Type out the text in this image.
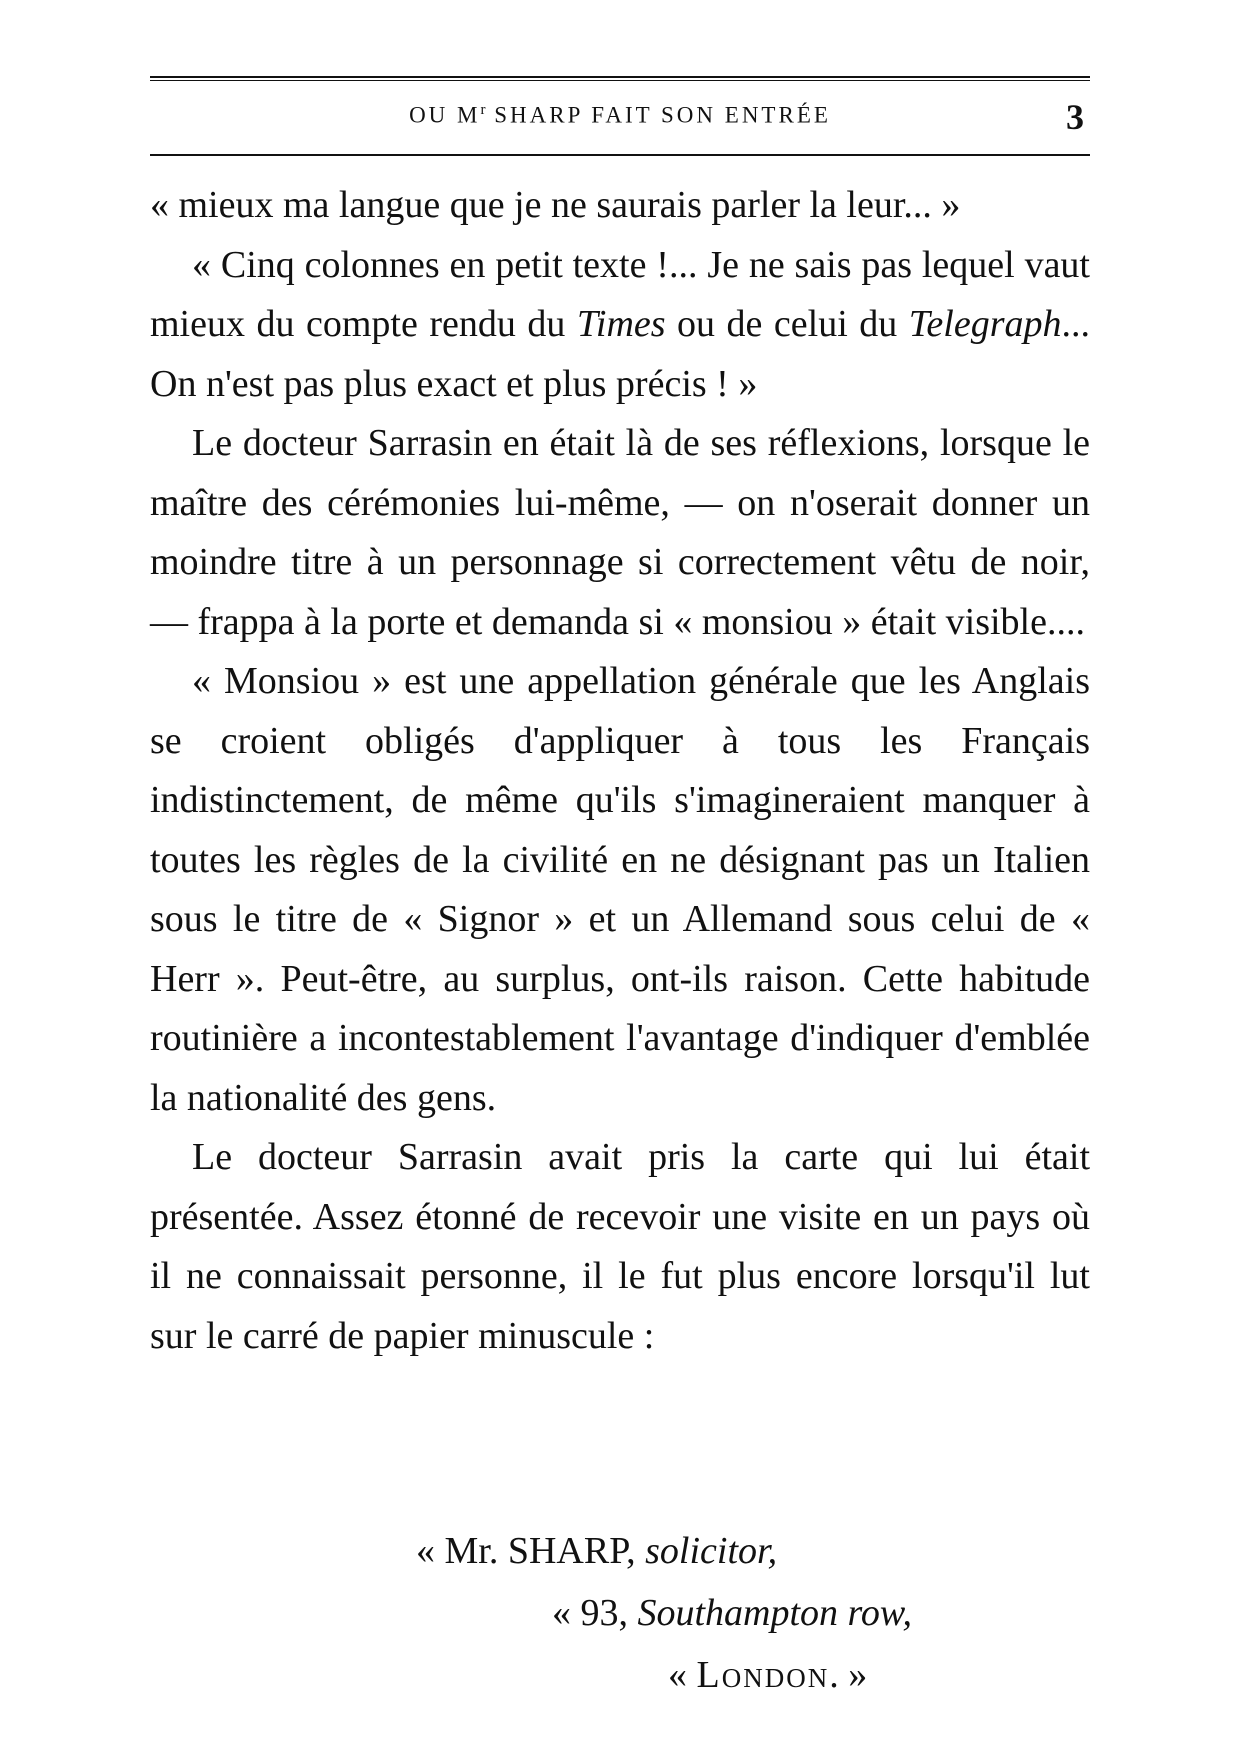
OU $M^r$ SHARP FAIT SON ENTRÉE	3

« mieux ma langue que je ne saurais parler la leur... »

« Cinq colonnes en petit texte !... Je ne sais pas lequel vaut mieux du compte rendu du Times ou de celui du Telegraph... On n'est pas plus exact et plus précis ! »

Le docteur Sarrasin en était là de ses réflexions, lorsque le maître des cérémonies lui-même, — on n'oserait donner un moindre titre à un personnage si correctement vêtu de noir, — frappa à la porte et demanda si « monsiou » était visible....

« Monsiou » est une appellation générale que les Anglais se croient obligés d'appliquer à tous les Français indistinctement, de même qu'ils s'imagineraient manquer à toutes les règles de la civilité en ne désignant pas un Italien sous le titre de « Signor » et un Allemand sous celui de « Herr ». Peut-être, au surplus, ont-ils raison. Cette habitude routinière a incontestablement l'avantage d'indiquer d'emblée la nationalité des gens.

Le docteur Sarrasin avait pris la carte qui lui était présentée. Assez étonné de recevoir une visite en un pays où il ne connaissait personne, il le fut plus encore lorsqu'il lut sur le carré de papier minuscule :

« Mr. SHARP, solicitor,
« 93, Southampton row,
« London. »
